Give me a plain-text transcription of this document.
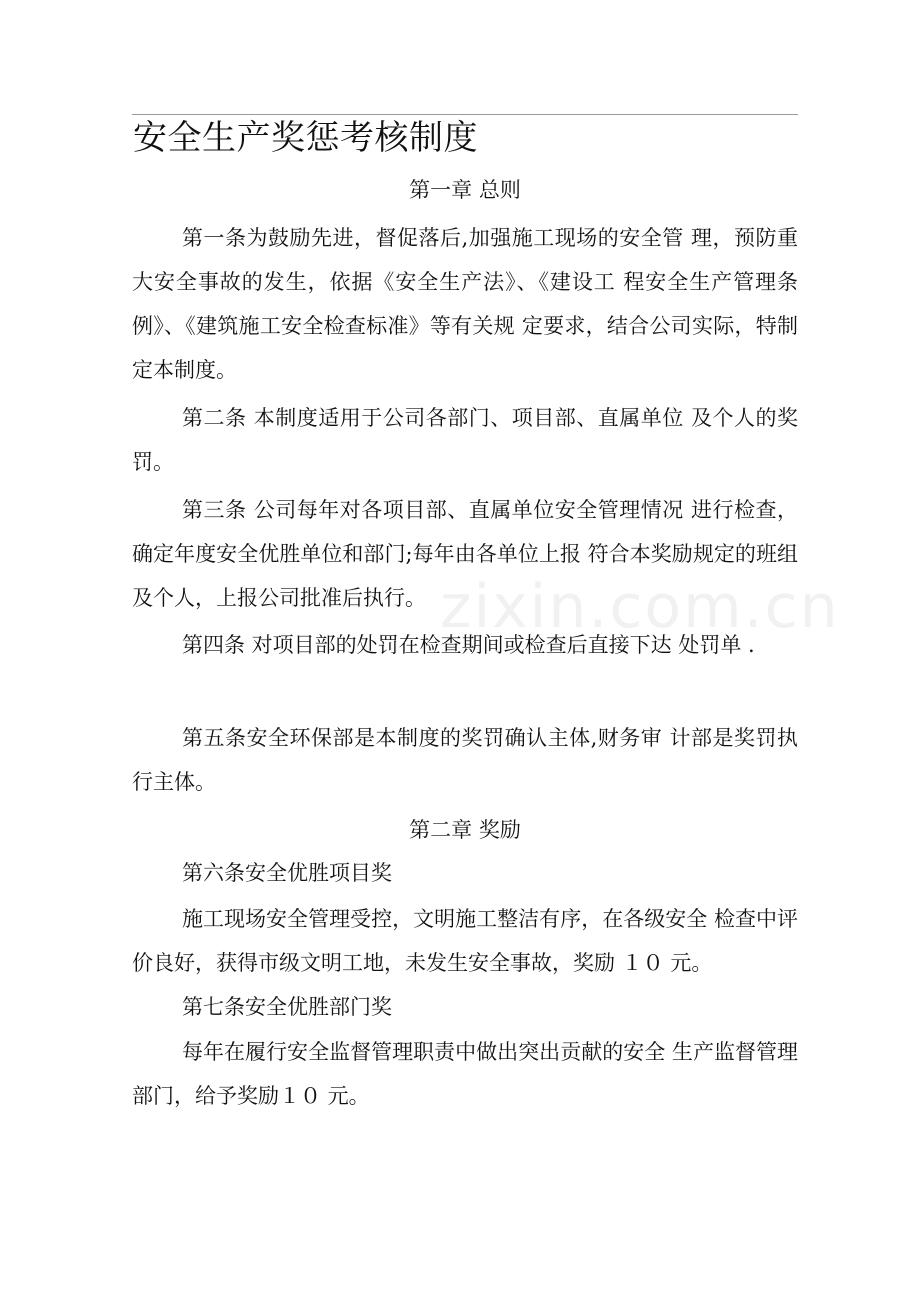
安全生产奖惩考核制度
第一章 总则

第一条为鼓励先进，督促落后,加强施工现场的安全管 理，预防重大安全事故的发生，依据《安全生产法》、《建设工 程安全生产管理条例》、《建筑施工安全检查标准》等有关规 定要求，结合公司实际，特制定本制度。

第二条 本制度适用于公司各部门、项目部、直属单位 及个人的奖罚。

第三条 公司每年对各项目部、直属单位安全管理情况 进行检查，确定年度安全优胜单位和部门;每年由各单位上报 符合本奖励规定的班组及个人，上报公司批准后执行。

第四条 对项目部的处罚在检查期间或检查后直接下达 处罚单 .

第五条安全环保部是本制度的奖罚确认主体,财务审 计部是奖罚执行主体。

第二章 奖励

第六条安全优胜项目奖

施工现场安全管理受控，文明施工整洁有序，在各级安全 检查中评价良好，获得市级文明工地，未发生安全事故，奖励 １０ 元。

第七条安全优胜部门奖

每年在履行安全监督管理职责中做出突出贡献的安全 生产监督管理部门，给予奖励１０ 元。

zixin.com.cn
